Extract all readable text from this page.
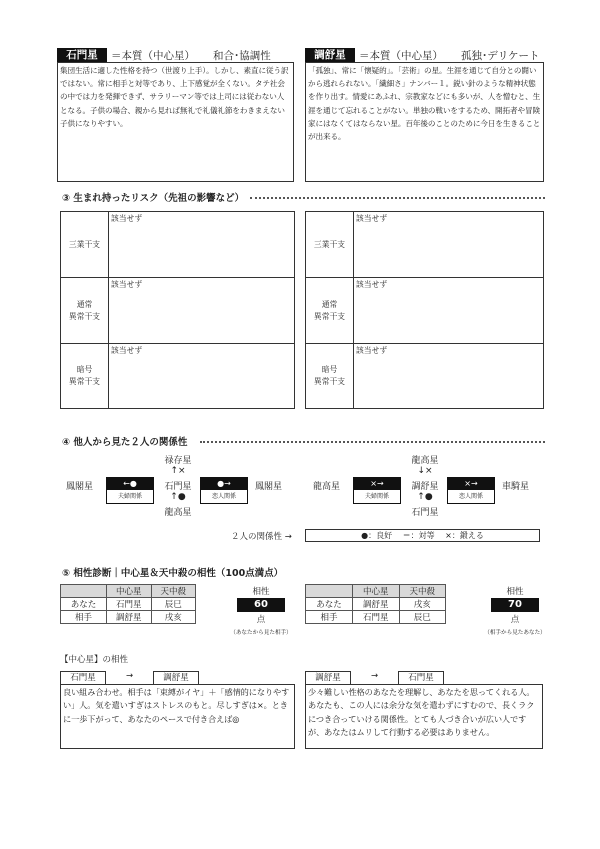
石門星	＝本質（中心星） 和合･協調性
集団生活に適した性格を持つ（世渡り上手）。しかし、素直に従う訳ではない。常に相手と対等であり、上下感覚が全くない。タテ社会の中では力を発揮できず、サラリーマン等では上司には従わない人となる。子供の場合、親から見れば無礼で礼儀礼節をわきまえない子供になりやすい。
調舒星	＝本質（中心星） 孤独･デリケート
「孤独」、常に「懐疑的」。「芸術」の星。生涯を通じて自分との闘いから逃れられない。「繊細さ」ナンバー１。鋭い針のような精神状態を作り出す。情愛にあふれ、宗教家などにも多いが、人を憎むと、生涯を通じて忘れることがない。単独の戦いをするため、開拓者や冒険家にはなくてはならない星。百年後のことのために今日を生きることが出来る。
③ 生まれ持ったリスク（先祖の影響など）
三業干支	該当せず

通常
異常干支	該当せず

暗号
異常干支	該当せず
三業干支	該当せず

通常
異常干支	該当せず

暗号
異常干支	該当せず
④ 他人から見た２人の関係性
禄存星
↑×
石門星
↑●
龍高星
鳳閣星	鳳閣星
←●
夫婦関係
●→
恋人関係
龍高星
↓×
調舒星
↑●
石門星
龍高星	車騎星
×→
夫婦関係
×→
恋人関係
２人の関係性 →	●：良好　 ＝：対等　 ×：鍛える
⑤ 相性診断｜中心星＆天中殺の相性（100点満点）
	中心星	天中殺
あなた	石門星	辰巳
相手	調舒星	戌亥
相性
60
点
（あなたから見た相手）
	中心星	天中殺
あなた	調舒星	戌亥
相手	石門星	辰巳
相性
70
点
（相手から見たあなた）
【中心星】の相性
石門星	→	調舒星
良い組み合わせ。相手は「束縛がイヤ」＋「感情的になりやすい」人。気を遣いすぎはストレスのもと。尽しすぎは×。ときに一歩下がって、あなたのペースで付き合えば◎
調舒星	→	石門星
少々難しい性格のあなたを理解し、あなたを思ってくれる人。あなたも、この人には余分な気を遣わずにすむので、長くラクにつき合っていける関係性。とても人づき合いが広い人ですが、あなたはムリして行動する必要はありません。
